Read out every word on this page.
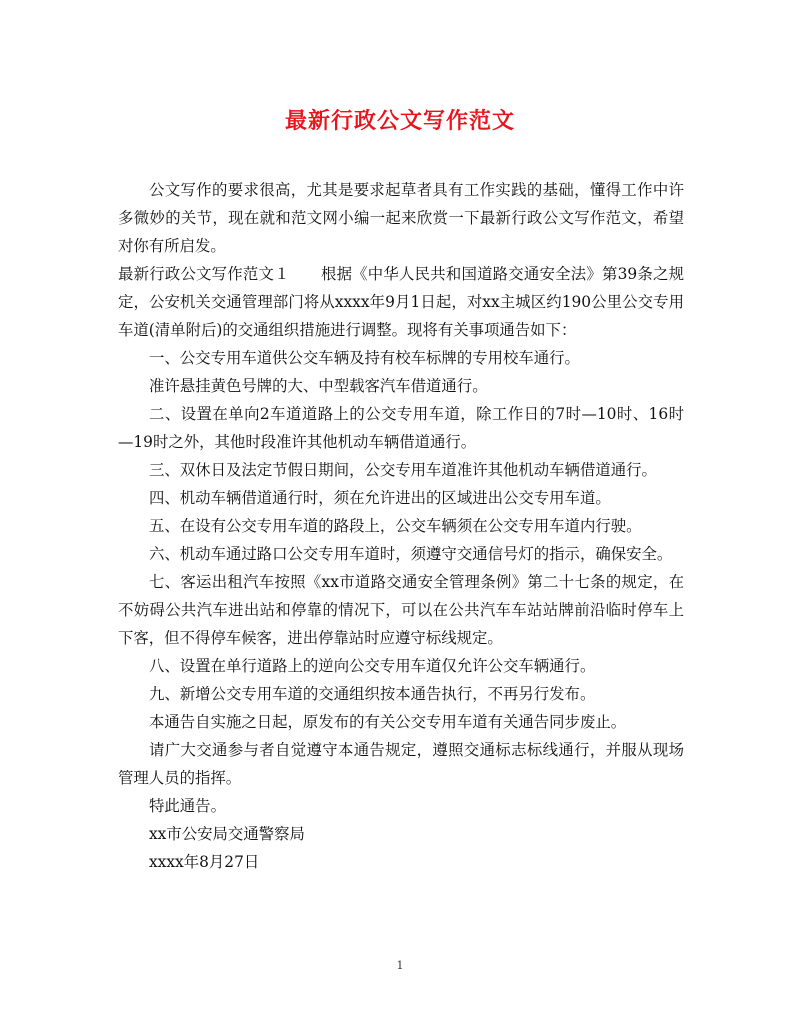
最新行政公文写作范文

公文写作的要求很高，尤其是要求起草者具有工作实践的基础，懂得工作中许多微妙的关节，现在就和范文网小编一起来欣赏一下最新行政公文写作范文，希望对你有所启发。

最新行政公文写作范文１　　根据《中华人民共和国道路交通安全法》第39条之规定，公安机关交通管理部门将从xxxx年9月1日起，对xx主城区约190公里公交专用车道(清单附后)的交通组织措施进行调整。现将有关事项通告如下：

一、公交专用车道供公交车辆及持有校车标牌的专用校车通行。

准许悬挂黄色号牌的大、中型载客汽车借道通行。

二、设置在单向2车道道路上的公交专用车道，除工作日的7时—10时、16时—19时之外，其他时段准许其他机动车辆借道通行。

三、双休日及法定节假日期间，公交专用车道准许其他机动车辆借道通行。

四、机动车辆借道通行时，须在允许进出的区域进出公交专用车道。

五、在设有公交专用车道的路段上，公交车辆须在公交专用车道内行驶。

六、机动车通过路口公交专用车道时，须遵守交通信号灯的指示，确保安全。

七、客运出租汽车按照《xx市道路交通安全管理条例》第二十七条的规定，在不妨碍公共汽车进出站和停靠的情况下，可以在公共汽车车站站牌前沿临时停车上下客，但不得停车候客，进出停靠站时应遵守标线规定。

八、设置在单行道路上的逆向公交专用车道仅允许公交车辆通行。

九、新增公交专用车道的交通组织按本通告执行，不再另行发布。

本通告自实施之日起，原发布的有关公交专用车道有关通告同步废止。

请广大交通参与者自觉遵守本通告规定，遵照交通标志标线通行，并服从现场管理人员的指挥。

特此通告。

xx市公安局交通警察局

xxxx年8月27日

1
